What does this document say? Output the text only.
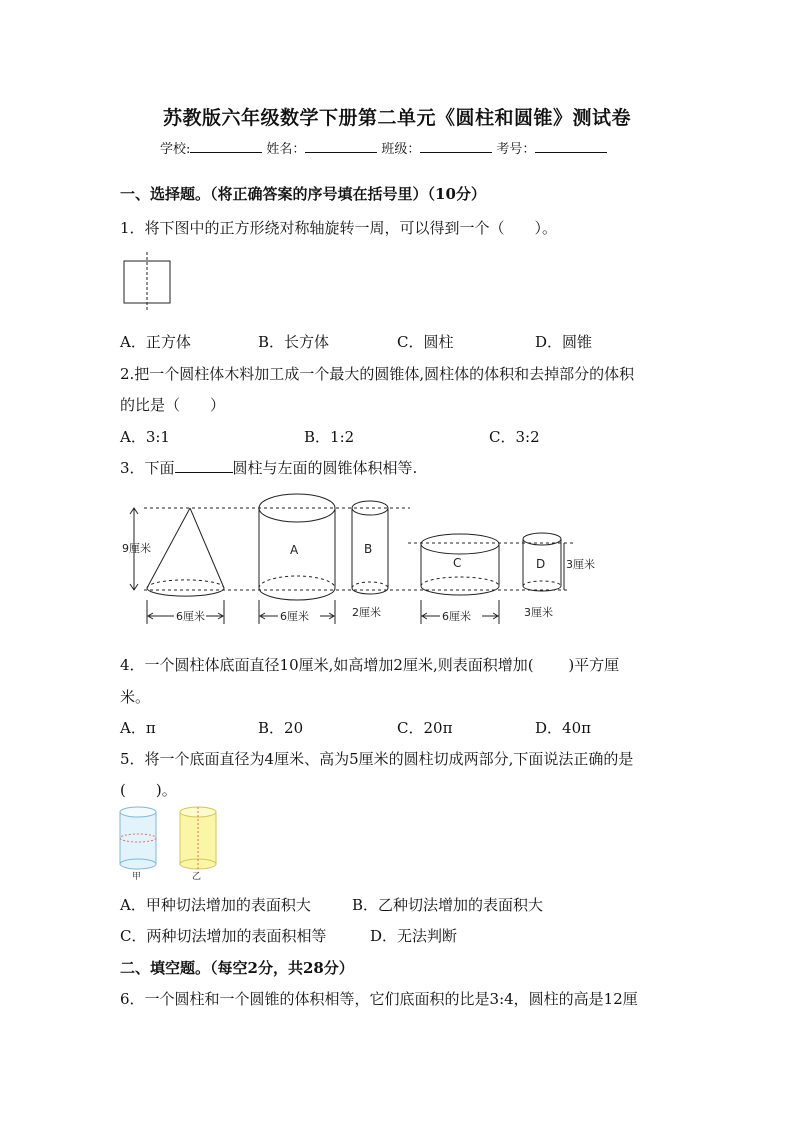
苏教版六年级数学下册第二单元《圆柱和圆锥》测试卷
学校:	姓名：	班级：	考号：
一、选择题。（将正确答案的序号填在括号里）（10分）
1．将下图中的正方形绕对称轴旋转一周，可以得到一个（　　）。
A．正方体	B．长方体	C．圆柱	D．圆锥
2.把一个圆柱体木料加工成一个最大的圆锥体,圆柱体的体积和去掉部分的体积
的比是（　　）
A．3:1	B．1:2	C．3:2
3．下面	圆柱与左面的圆锥体积相等.
9厘米
6厘米
A
6厘米
B
2厘米
C
6厘米
D 3厘米
3厘米
4．一个圆柱体底面直径10厘米,如高增加2厘米,则表面积增加(　　 )平方厘
米。
A．π	B．20	C．20π	D．40π
5．将一个底面直径为4厘米、高为5厘米的圆柱切成两部分,下面说法正确的是
(　　)。
甲	乙
A．甲种切法增加的表面积大	B．乙种切法增加的表面积大
C．两种切法增加的表面积相等	D．无法判断
二、填空题。（每空2分，共28分）
6．一个圆柱和一个圆锥的体积相等，它们底面积的比是3:4，圆柱的高是12厘
